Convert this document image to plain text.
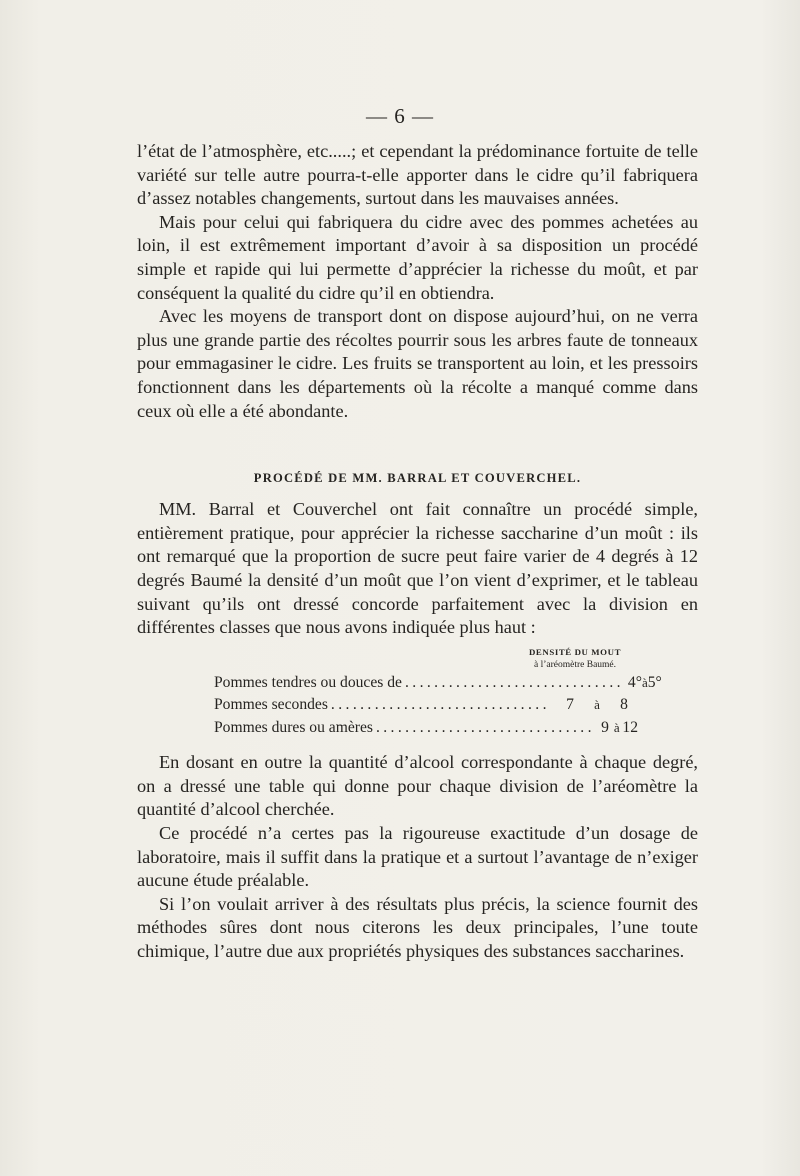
— 6 —

l’état de l’atmosphère, etc.....; et cependant la prédominance fortuite de telle variété sur telle autre pourra-t-elle apporter dans le cidre qu’il fabriquera d’assez notables changements, surtout dans les mauvaises années.

Mais pour celui qui fabriquera du cidre avec des pommes achetées au loin, il est extrêmement important d’avoir à sa disposition un procédé simple et rapide qui lui permette d’apprécier la richesse du moût, et par conséquent la qualité du cidre qu’il en obtiendra.

Avec les moyens de transport dont on dispose aujourd’hui, on ne verra plus une grande partie des récoltes pourrir sous les arbres faute de tonneaux pour emmagasiner le cidre. Les fruits se transportent au loin, et les pressoirs fonctionnent dans les départements où la récolte a manqué comme dans ceux où elle a été abondante.

PROCÉDÉ DE MM. BARRAL ET COUVERCHEL.

MM. Barral et Couverchel ont fait connaître un procédé simple, entièrement pratique, pour apprécier la richesse saccharine d’un moût : ils ont remarqué que la proportion de sucre peut faire varier de 4 degrés à 12 degrés Baumé la densité d’un moût que l’on vient d’exprimer, et le tableau suivant qu’ils ont dressé concorde parfaitement avec la division en différentes classes que nous avons indiquée plus haut :

DENSITÉ DU MOUT
à l’aréomètre Baumé.
Pommes tendres ou douces de .............................. 4° à 5°
Pommes secondes ..............................	7	à	8
Pommes dures ou amères .............................. 9 à 12

En dosant en outre la quantité d’alcool correspondante à chaque degré, on a dressé une table qui donne pour chaque division de l’aréomètre la quantité d’alcool cherchée.

Ce procédé n’a certes pas la rigoureuse exactitude d’un dosage de laboratoire, mais il suffit dans la pratique et a surtout l’avantage de n’exiger aucune étude préalable.

Si l’on voulait arriver à des résultats plus précis, la science fournit des méthodes sûres dont nous citerons les deux principales, l’une toute chimique, l’autre due aux propriétés physiques des substances saccharines.
